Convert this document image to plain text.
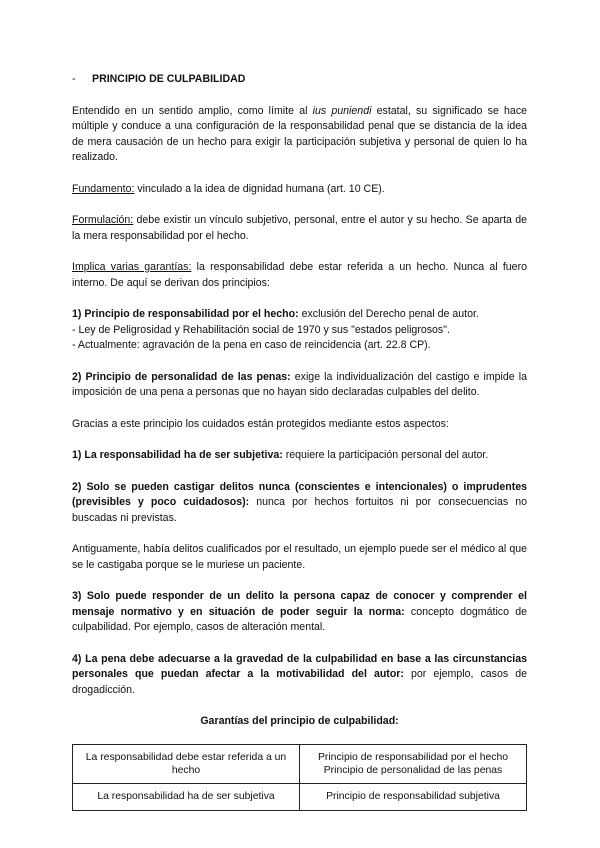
- PRINCIPIO DE CULPABILIDAD

Entendido en un sentido amplio, como límite al ius puniendi estatal, su significado se hace múltiple y conduce a una configuración de la responsabilidad penal que se distancia de la idea de mera causación de un hecho para exigir la participación subjetiva y personal de quien lo ha realizado.

Fundamento: vinculado a la idea de dignidad humana (art. 10 CE).

Formulación: debe existir un vínculo subjetivo, personal, entre el autor y su hecho. Se aparta de la mera responsabilidad por el hecho.

Implica varias garantías: la responsabilidad debe estar referida a un hecho. Nunca al fuero interno. De aquí se derivan dos principios:

1) Principio de responsabilidad por el hecho: exclusión del Derecho penal de autor.

- Ley de Peligrosidad y Rehabilitación social de 1970 y sus "estados peligrosos".

- Actualmente: agravación de la pena en caso de reincidencia (art. 22.8 CP).

2) Principio de personalidad de las penas: exige la individualización del castigo e impide la imposición de una pena a personas que no hayan sido declaradas culpables del delito.

Gracias a este principio los cuidados están protegidos mediante estos aspectos:

1) La responsabilidad ha de ser subjetiva: requiere la participación personal del autor.

2) Solo se pueden castigar delitos nunca (conscientes e intencionales) o imprudentes (previsibles y poco cuidadosos): nunca por hechos fortuitos ni por consecuencias no buscadas ni previstas.

Antiguamente, había delitos cualificados por el resultado, un ejemplo puede ser el médico al que se le castigaba porque se le muriese un paciente.

3) Solo puede responder de un delito la persona capaz de conocer y comprender el mensaje normativo y en situación de poder seguir la norma: concepto dogmático de culpabilidad. Por ejemplo, casos de alteración mental.

4) La pena debe adecuarse a la gravedad de la culpabilidad en base a las circunstancias personales que puedan afectar a la motivabilidad del autor: por ejemplo, casos de drogadicción.

Garantías del principio de culpabilidad:
La responsabilidad debe estar referida a un hecho	Principio de responsabilidad por el hecho
Principio de personalidad de las penas

La responsabilidad ha de ser subjetiva	Principio de responsabilidad subjetiva
